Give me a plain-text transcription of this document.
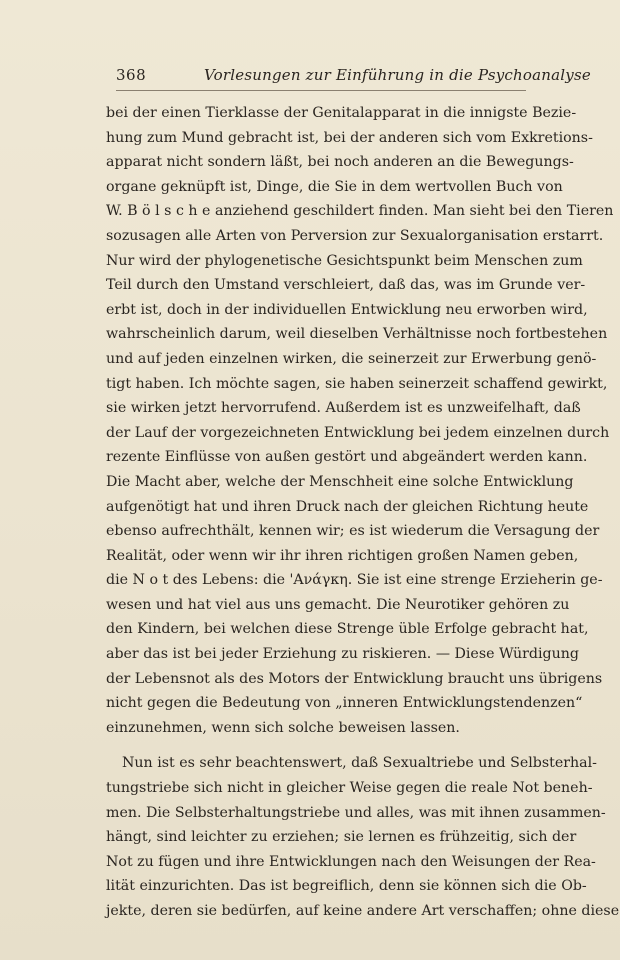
368	Vorlesungen zur Einführung in die Psychoanalyse
bei der einen Tierklasse der Genitalapparat in die innigste Bezie-
hung zum Mund gebracht ist, bei der anderen sich vom Exkretions-
apparat nicht sondern läßt, bei noch anderen an die Bewegungs-
organe geknüpft ist, Dinge, die Sie in dem wertvollen Buch von
W. B ö l s c h e anziehend geschildert finden. Man sieht bei den Tieren
sozusagen alle Arten von Perversion zur Sexualorganisation erstarrt.
Nur wird der phylogenetische Gesichtspunkt beim Menschen zum
Teil durch den Umstand verschleiert, daß das, was im Grunde ver-
erbt ist, doch in der individuellen Entwicklung neu erworben wird,
wahrscheinlich darum, weil dieselben Verhältnisse noch fortbestehen
und auf jeden einzelnen wirken, die seinerzeit zur Erwerbung genö-
tigt haben. Ich möchte sagen, sie haben seinerzeit schaffend gewirkt,
sie wirken jetzt hervorrufend. Außerdem ist es unzweifelhaft, daß
der Lauf der vorgezeichneten Entwicklung bei jedem einzelnen durch
rezente Einflüsse von außen gestört und abgeändert werden kann.
Die Macht aber, welche der Menschheit eine solche Entwicklung
aufgenötigt hat und ihren Druck nach der gleichen Richtung heute
ebenso aufrechthält, kennen wir; es ist wiederum die Versagung der
Realität, oder wenn wir ihr ihren richtigen großen Namen geben,
die N o t des Lebens: die 'Ανάγκη. Sie ist eine strenge Erzieherin ge-
wesen und hat viel aus uns gemacht. Die Neurotiker gehören zu
den Kindern, bei welchen diese Strenge üble Erfolge gebracht hat,
aber das ist bei jeder Erziehung zu riskieren. — Diese Würdigung
der Lebensnot als des Motors der Entwicklung braucht uns übrigens
nicht gegen die Bedeutung von „inneren Entwicklungstendenzen“
einzunehmen, wenn sich solche beweisen lassen.
Nun ist es sehr beachtenswert, daß Sexualtriebe und Selbsterhal-
tungstriebe sich nicht in gleicher Weise gegen die reale Not beneh-
men. Die Selbsterhaltungstriebe und alles, was mit ihnen zusammen-
hängt, sind leichter zu erziehen; sie lernen es frühzeitig, sich der
Not zu fügen und ihre Entwicklungen nach den Weisungen der Rea-
lität einzurichten. Das ist begreiflich, denn sie können sich die Ob-
jekte, deren sie bedürfen, auf keine andere Art verschaffen; ohne diese
